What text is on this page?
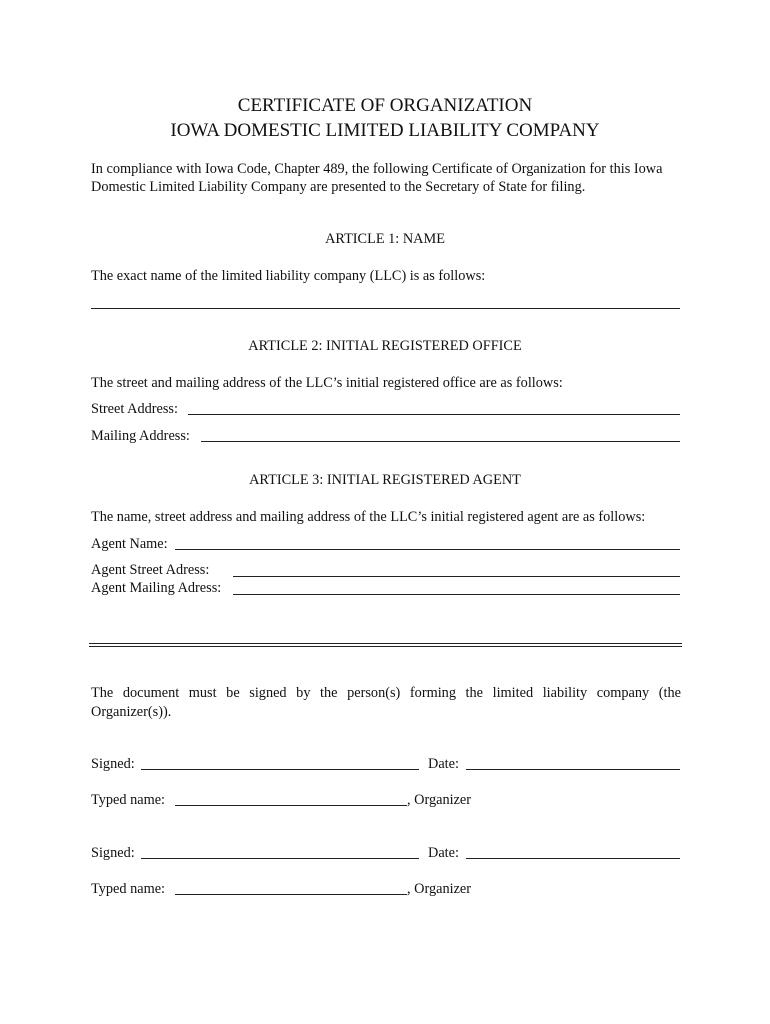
CERTIFICATE OF ORGANIZATION
IOWA DOMESTIC LIMITED LIABILITY COMPANY
In compliance with Iowa Code, Chapter 489, the following Certificate of Organization for this Iowa Domestic Limited Liability Company are presented to the Secretary of State for filing.
ARTICLE 1: NAME
The exact name of the limited liability company (LLC) is as follows:
ARTICLE 2: INITIAL REGISTERED OFFICE
The street and mailing address of the LLC’s initial registered office are as follows:
Street Address:
Mailing Address:
ARTICLE 3: INITIAL REGISTERED AGENT
The name, street address and mailing address of the LLC’s initial registered agent are as follows:
Agent Name:
Agent Street Adress:
Agent Mailing Adress:
The document must be signed by the person(s) forming the limited liability company (the Organizer(s)).
Signed:	Date:
Typed name:	, Organizer
Signed:	Date:
Typed name:	, Organizer
